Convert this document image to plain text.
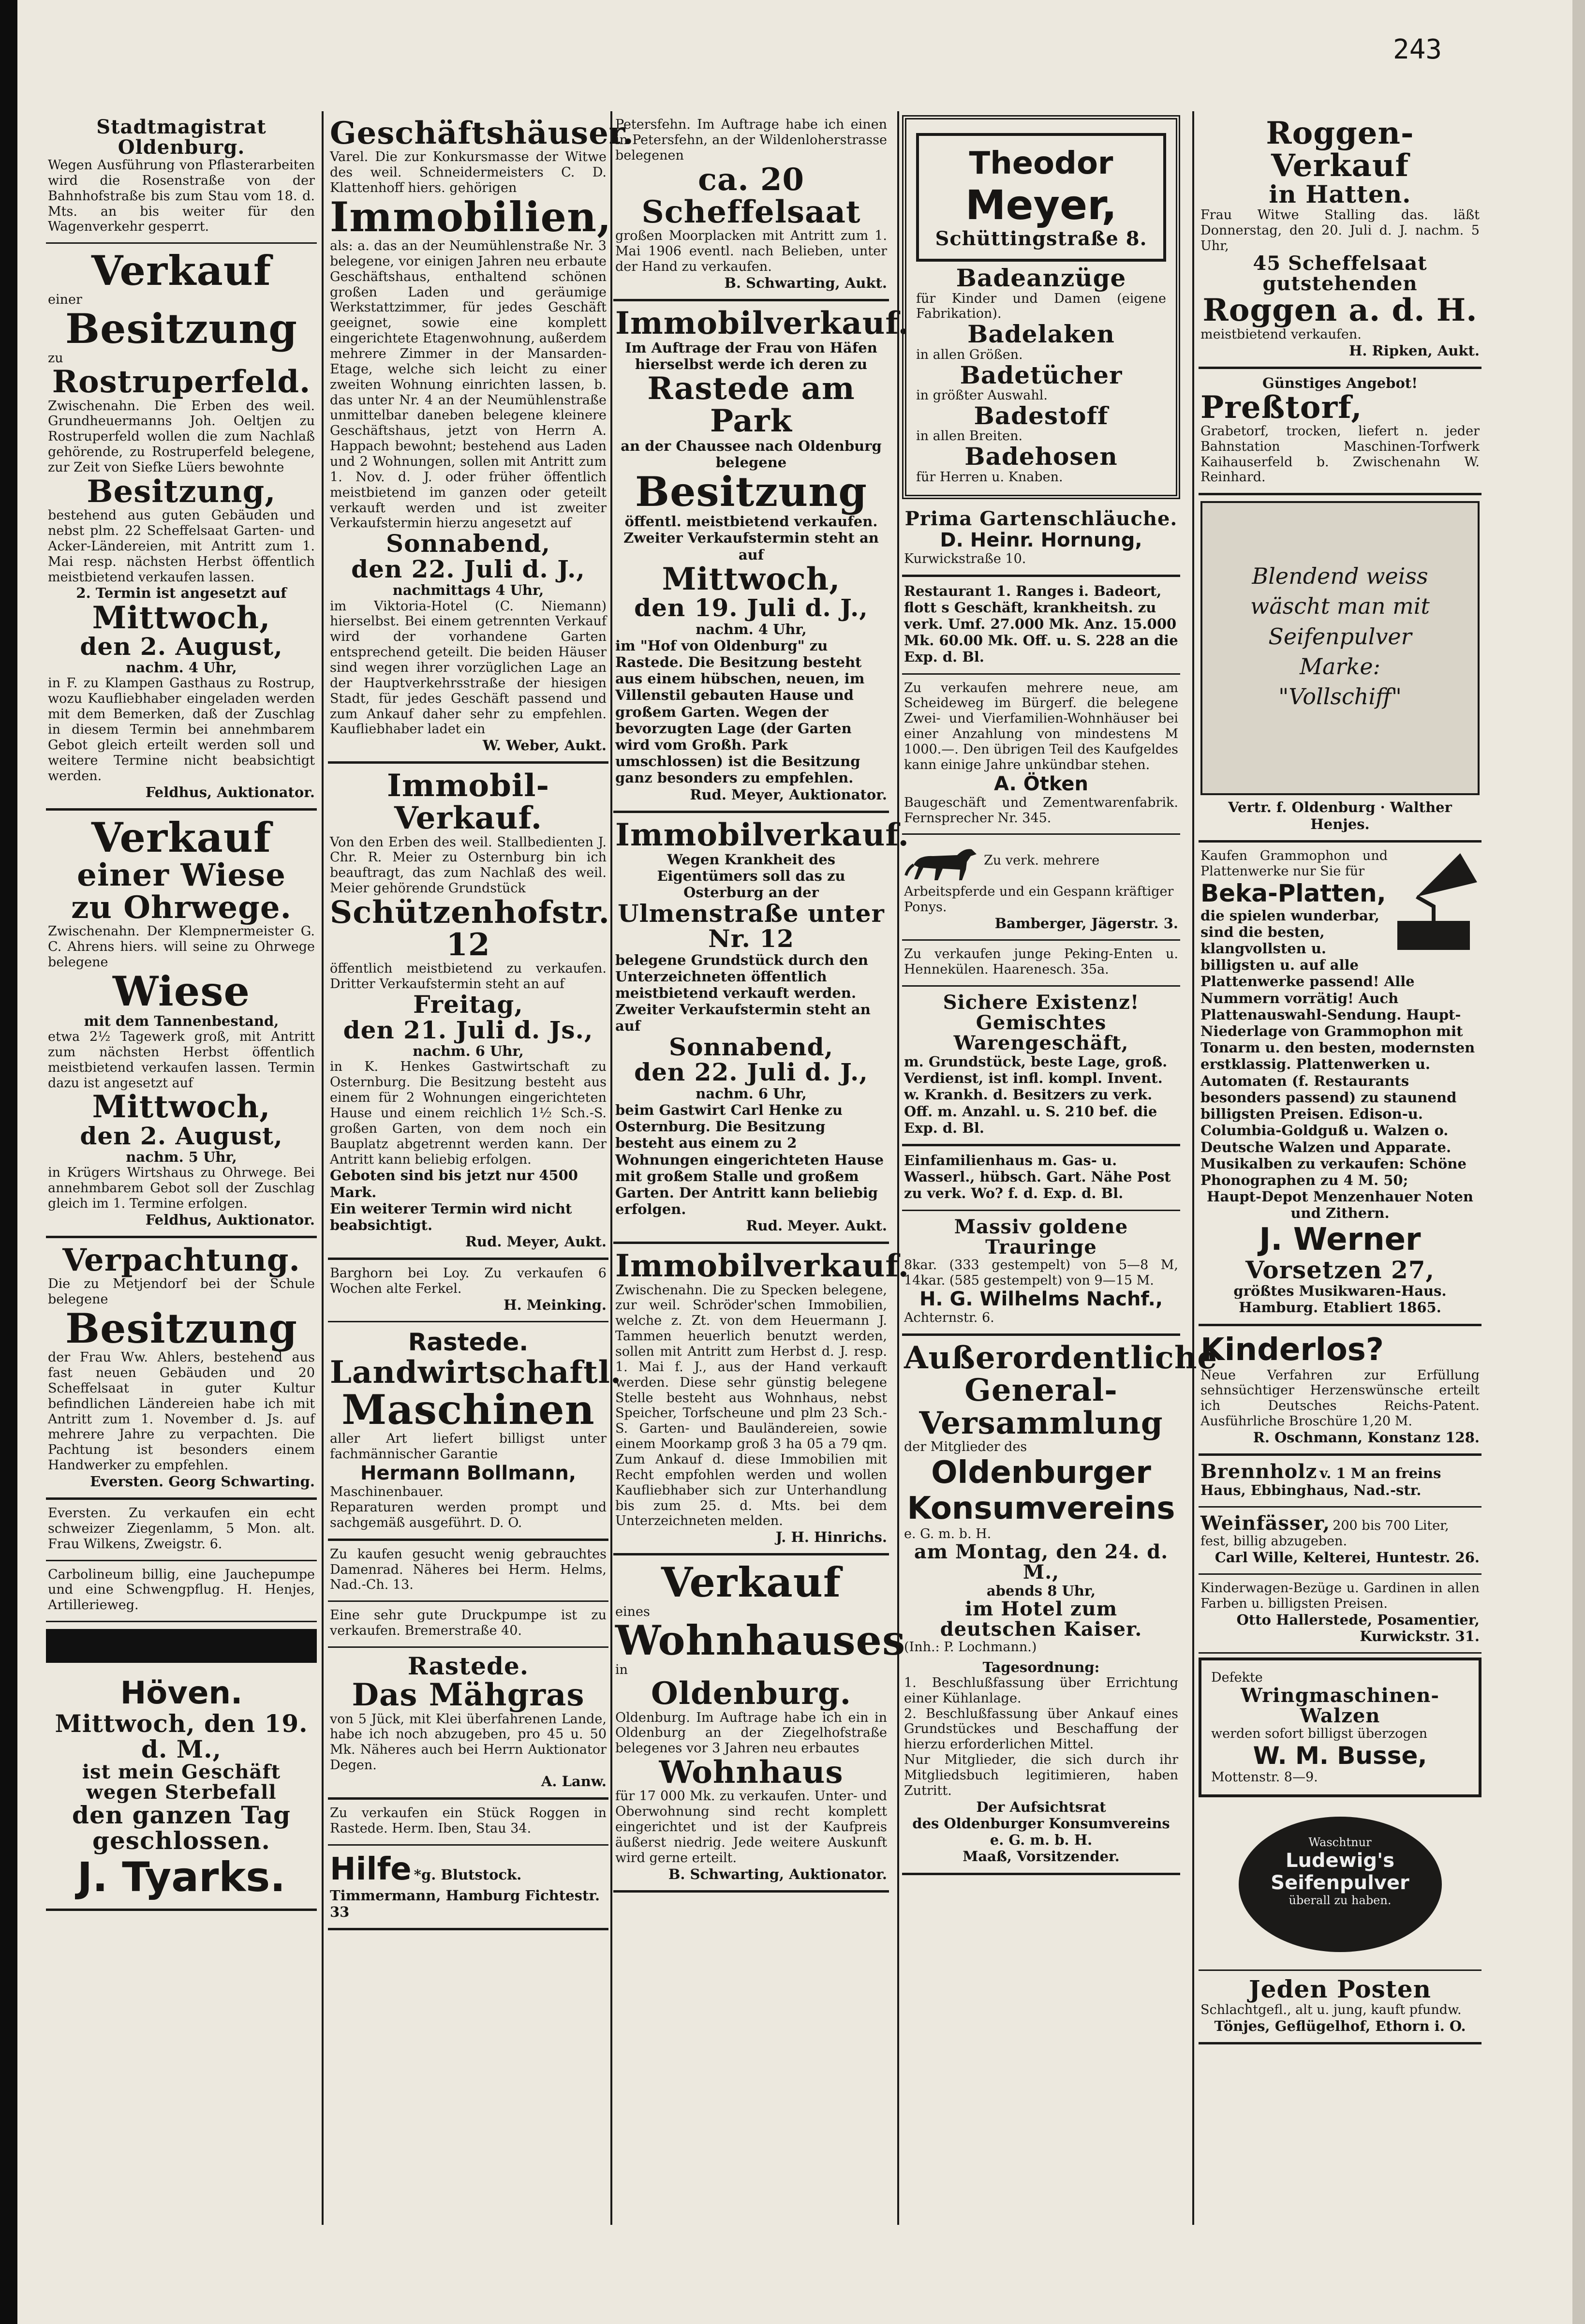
243
Stadtmagistrat Oldenburg.
Wegen Ausführung von Pflasterarbeiten wird die Rosenstraße von der Bahnhofstraße bis zum Stau vom 18. d. Mts. an bis weiter für den Wagenverkehr gesperrt.
Verkauf
einer
Besitzung
zu
Rostruperfeld.
Zwischenahn. Die Erben des weil. Grundheuermanns Joh. Oeltjen zu Rostruperfeld wollen die zum Nachlaß gehörende, zu Rostruperfeld belegene, zur Zeit von Siefke Lüers bewohnte
Besitzung,
bestehend aus guten Gebäuden und nebst plm. 22 Scheffelsaat Garten- und Acker-Ländereien, mit Antritt zum 1. Mai resp. nächsten Herbst öffentlich meistbietend verkaufen lassen.
2. Termin ist angesetzt auf
Mittwoch,
den 2. August,
nachm. 4 Uhr,
in F. zu Klampen Gasthaus zu Rostrup, wozu Kaufliebhaber eingeladen werden mit dem Bemerken, daß der Zuschlag in diesem Termin bei annehmbarem Gebot gleich erteilt werden soll und weitere Termine nicht beabsichtigt werden.
Feldhus, Auktionator.
Verkauf
einer Wiese
zu Ohrwege.
Zwischenahn. Der Klempnermeister G. C. Ahrens hiers. will seine zu Ohrwege belegene
Wiese
mit dem Tannenbestand,
etwa 2½ Tagewerk groß, mit Antritt zum nächsten Herbst öffentlich meistbietend verkaufen lassen. Termin dazu ist angesetzt auf
Mittwoch,
den 2. August,
nachm. 5 Uhr,
in Krügers Wirtshaus zu Ohrwege. Bei annehmbarem Gebot soll der Zuschlag gleich im 1. Termine erfolgen.
Feldhus, Auktionator.
Verpachtung.
Die zu Metjendorf bei der Schule belegene
Besitzung
der Frau Ww. Ahlers, bestehend aus fast neuen Gebäuden und 20 Scheffelsaat in guter Kultur befindlichen Ländereien habe ich mit Antritt zum 1. November d. Js. auf mehrere Jahre zu verpachten. Die Pachtung ist besonders einem Handwerker zu empfehlen.
Eversten. Georg Schwarting.
Eversten. Zu verkaufen ein echt schweizer Ziegenlamm, 5 Mon. alt. Frau Wilkens, Zweigstr. 6.
Carbolineum billig, eine Jauchepumpe und eine Schwengpflug. H. Henjes, Artillerieweg.
Höven.
Mittwoch, den 19. d. M.,
ist mein Geschäft wegen Sterbefall
den ganzen Tag geschlossen.
J. Tyarks.
Geschäftshäuser.
Varel. Die zur Konkursmasse der Witwe des weil. Schneidermeisters C. D. Klattenhoff hiers. gehörigen
Immobilien,
als: a. das an der Neumühlenstraße Nr. 3 belegene, vor einigen Jahren neu erbaute Geschäftshaus, enthaltend schönen großen Laden und geräumige Werkstattzimmer, für jedes Geschäft geeignet, sowie eine komplett eingerichtete Etagenwohnung, außerdem mehrere Zimmer in der Mansarden-Etage, welche sich leicht zu einer zweiten Wohnung einrichten lassen, b. das unter Nr. 4 an der Neumühlenstraße unmittelbar daneben belegene kleinere Geschäftshaus, jetzt von Herrn A. Happach bewohnt; bestehend aus Laden und 2 Wohnungen, sollen mit Antritt zum 1. Nov. d. J. oder früher öffentlich meistbietend im ganzen oder geteilt verkauft werden und ist zweiter Verkaufstermin hierzu angesetzt auf
Sonnabend,
den 22. Juli d. J.,
nachmittags 4 Uhr,
im Viktoria-Hotel (C. Niemann) hierselbst. Bei einem getrennten Verkauf wird der vorhandene Garten entsprechend geteilt. Die beiden Häuser sind wegen ihrer vorzüglichen Lage an der Hauptverkehrsstraße der hiesigen Stadt, für jedes Geschäft passend und zum Ankauf daher sehr zu empfehlen. Kaufliebhaber ladet ein
W. Weber, Aukt.
Immobil-Verkauf.
Von den Erben des weil. Stallbedienten J. Chr. R. Meier zu Osternburg bin ich beauftragt, das zum Nachlaß des weil. Meier gehörende Grundstück
Schützenhofstr. 12
öffentlich meistbietend zu verkaufen. Dritter Verkaufstermin steht an auf
Freitag,
den 21. Juli d. Js.,
nachm. 6 Uhr,
in K. Henkes Gastwirtschaft zu Osternburg. Die Besitzung besteht aus einem für 2 Wohnungen eingerichteten Hause und einem reichlich 1½ Sch.-S. großen Garten, von dem noch ein Bauplatz abgetrennt werden kann. Der Antritt kann beliebig erfolgen.
Geboten sind bis jetzt nur 4500 Mark.
Ein weiterer Termin wird nicht beabsichtigt.
Rud. Meyer, Aukt.
Barghorn bei Loy. Zu verkaufen 6 Wochen alte Ferkel.
H. Meinking.
Rastede.
Landwirtschaftl.
Maschinen
aller Art liefert billigst unter fachmännischer Garantie
Hermann Bollmann,
Maschinenbauer.
Reparaturen werden prompt und sachgemäß ausgeführt. D. O.
Zu kaufen gesucht wenig gebrauchtes Damenrad. Näheres bei Herm. Helms, Nad.-Ch. 13.
Eine sehr gute Druckpumpe ist zu verkaufen. Bremerstraße 40.
Rastede.
Das Mähgras
von 5 Jück, mit Klei überfahrenen Lande, habe ich noch abzugeben, pro 45 u. 50 Mk. Näheres auch bei Herrn Auktionator Degen.
A. Lanw.
Zu verkaufen ein Stück Roggen in Rastede. Herm. Iben, Stau 34.
Hilfe *g. Blutstock. Timmermann, Hamburg Fichtestr. 33
Petersfehn. Im Auftrage habe ich einen in Petersfehn, an der Wildenloherstrasse belegenen
ca. 20 Scheffelsaat
großen Moorplacken mit Antritt zum 1. Mai 1906 eventl. nach Belieben, unter der Hand zu verkaufen.
B. Schwarting, Aukt.
Immobilverkauf.
Im Auftrage der Frau von Häfen hierselbst werde ich deren zu
Rastede am Park
an der Chaussee nach Oldenburg belegene
Besitzung
öffentl. meistbietend verkaufen. Zweiter Verkaufstermin steht an auf
Mittwoch,
den 19. Juli d. J.,
nachm. 4 Uhr,
im "Hof von Oldenburg" zu Rastede. Die Besitzung besteht aus einem hübschen, neuen, im Villenstil gebauten Hause und großem Garten. Wegen der bevorzugten Lage (der Garten wird vom Großh. Park umschlossen) ist die Besitzung ganz besonders zu empfehlen.
Rud. Meyer, Auktionator.
Immobilverkauf.
Wegen Krankheit des Eigentümers soll das zu Osterburg an der
Ulmenstraße unter Nr. 12
belegene Grundstück durch den Unterzeichneten öffentlich meistbietend verkauft werden. Zweiter Verkaufstermin steht an auf
Sonnabend,
den 22. Juli d. J.,
nachm. 6 Uhr,
beim Gastwirt Carl Henke zu Osternburg. Die Besitzung besteht aus einem zu 2 Wohnungen eingerichteten Hause mit großem Stalle und großem Garten. Der Antritt kann beliebig erfolgen.
Rud. Meyer. Aukt.
Immobilverkauf.
Zwischenahn. Die zu Specken belegene, zur weil. Schröder'schen Immobilien, welche z. Zt. von dem Heuermann J. Tammen heuerlich benutzt werden, sollen mit Antritt zum Herbst d. J. resp. 1. Mai f. J., aus der Hand verkauft werden. Diese sehr günstig belegene Stelle besteht aus Wohnhaus, nebst Speicher, Torfscheune und plm 23 Sch.-S. Garten- und Bauländereien, sowie einem Moorkamp groß 3 ha 05 a 79 qm. Zum Ankauf d. diese Immobilien mit Recht empfohlen werden und wollen Kaufliebhaber sich zur Unterhandlung bis zum 25. d. Mts. bei dem Unterzeichneten melden.
J. H. Hinrichs.
Verkauf
eines
Wohnhauses
in
Oldenburg.
Oldenburg. Im Auftrage habe ich ein in Oldenburg an der Ziegelhofstraße belegenes vor 3 Jahren neu erbautes
Wohnhaus
für 17 000 Mk. zu verkaufen. Unter- und Oberwohnung sind recht komplett eingerichtet und ist der Kaufpreis äußerst niedrig. Jede weitere Auskunft wird gerne erteilt.
B. Schwarting, Auktionator.
Theodor
Meyer,
Schüttingstraße 8.
Badeanzüge
für Kinder und Damen (eigene Fabrikation).
Badelaken
in allen Größen.
Badetücher
in größter Auswahl.
Badestoff
in allen Breiten.
Badehosen
für Herren u. Knaben.
Prima Gartenschläuche.
D. Heinr. Hornung,
Kurwickstraße 10.
Restaurant 1. Ranges i. Badeort, flott s Geschäft, krankheitsh. zu verk. Umf. 27.000 Mk. Anz. 15.000 Mk. 60.00 Mk. Off. u. S. 228 an die Exp. d. Bl.
Zu verkaufen mehrere neue, am Scheideweg im Bürgerf. die belegene Zwei- und Vierfamilien-Wohnhäuser bei einer Anzahlung von mindestens M 1000.—. Den übrigen Teil des Kaufgeldes kann einige Jahre unkündbar stehen.
A. Ötken
Baugeschäft und Zementwarenfabrik. Fernsprecher Nr. 345.
Zu verk. mehrere Arbeitspferde und ein Gespann kräftiger Ponys.
Bamberger, Jägerstr. 3.
Zu verkaufen junge Peking-Enten u. Hennekülen. Haarenesch. 35a.
Sichere Existenz!
Gemischtes Warengeschäft,
m. Grundstück, beste Lage, groß. Verdienst, ist infl. kompl. Invent. w. Krankh. d. Besitzers zu verk. Off. m. Anzahl. u. S. 210 bef. die Exp. d. Bl.
Einfamilienhaus m. Gas- u. Wasserl., hübsch. Gart. Nähe Post zu verk. Wo? f. d. Exp. d. Bl.
Massiv goldene Trauringe
8kar. (333 gestempelt) von 5—8 M, 14kar. (585 gestempelt) von 9—15 M.
H. G. Wilhelms Nachf.,
Achternstr. 6.
Außerordentliche
General-
Versammlung
der Mitglieder des
Oldenburger
Konsumvereins
e. G. m. b. H.
am Montag, den 24. d. M.,
abends 8 Uhr,
im Hotel zum deutschen Kaiser.
(Inh.: P. Lochmann.)
Tagesordnung:
1. Beschlußfassung über Errichtung einer Kühlanlage.
2. Beschlußfassung über Ankauf eines Grundstückes und Beschaffung der hierzu erforderlichen Mittel.
Nur Mitglieder, die sich durch ihr Mitgliedsbuch legitimieren, haben Zutritt.
Der Aufsichtsrat
des Oldenburger Konsumvereins e. G. m. b. H.
Maaß, Vorsitzender.
Roggen-Verkauf
in Hatten.
Frau Witwe Stalling das. läßt Donnerstag, den 20. Juli d. J. nachm. 5 Uhr,
45 Scheffelsaat gutstehenden
Roggen a. d. H.
meistbietend verkaufen.
H. Ripken, Aukt.
Günstiges Angebot!
Preßtorf,
Grabetorf, trocken, liefert n. jeder Bahnstation Maschinen-Torfwerk Kaihauserfeld b. Zwischenahn W. Reinhard.
Blendend weiss
wäscht man mit
Seifenpulver
Marke:
"Vollschiff"
Vertr. f. Oldenburg · Walther Henjes.
Kaufen Grammophon und Plattenwerke nur Sie für
Beka-Platten,
die spielen wunderbar, sind die besten, klangvollsten u. billigsten u. auf alle Plattenwerke passend! Alle Nummern vorrätig! Auch Plattenauswahl-Sendung. Haupt-Niederlage von Grammophon mit Tonarm u. den besten, modernsten erstklassig. Plattenwerken u. Automaten (f. Restaurants besonders passend) zu staunend billigsten Preisen. Edison-u. Columbia-Goldguß u. Walzen o. Deutsche Walzen und Apparate. Musikalben zu verkaufen: Schöne Phonographen zu 4 M. 50;
Haupt-Depot Menzenhauer Noten und Zithern.
J. Werner
Vorsetzen 27,
größtes Musikwaren-Haus. Hamburg. Etabliert 1865.
Kinderlos?
Neue Verfahren zur Erfüllung sehnsüchtiger Herzenswünsche erteilt ich Deutsches Reichs-Patent. Ausführliche Broschüre 1,20 M.
R. Oschmann, Konstanz 128.
Brennholz v. 1 M an freins Haus, Ebbinghaus, Nad.-str.
Weinfässer, 200 bis 700 Liter, fest, billig abzugeben.
Carl Wille, Kelterei, Huntestr. 26.
Kinderwagen-Bezüge u. Gardinen in allen Farben u. billigsten Preisen.
Otto Hallerstede, Posamentier, Kurwickstr. 31.
Defekte
Wringmaschinen-Walzen
werden sofort billigst überzogen
W. M. Busse,
Mottenstr. 8—9.
Waschtnur
Ludewig's
Seifenpulver
überall zu haben.
Jeden Posten
Schlachtgefl., alt u. jung, kauft pfundw.
Tönjes, Geflügelhof, Ethorn i. O.
